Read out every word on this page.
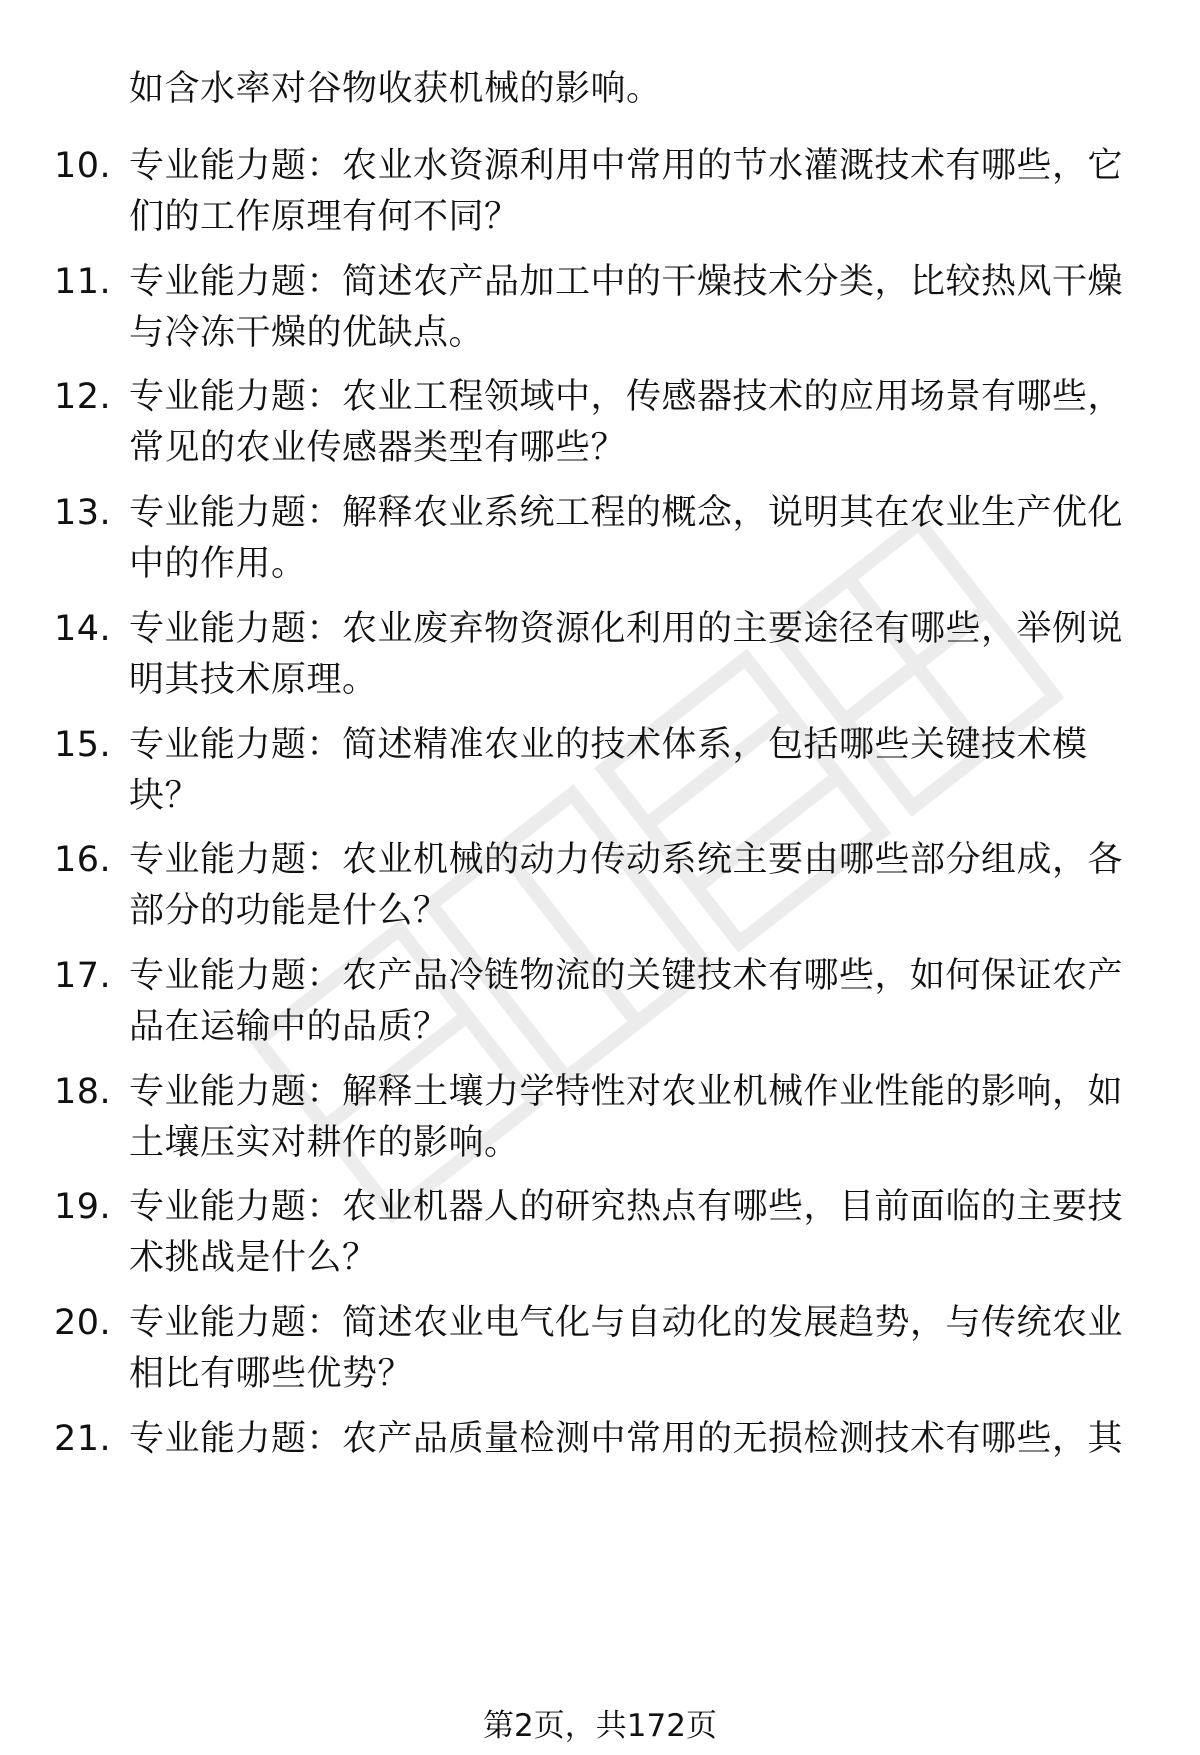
如含水率对谷物收获机械的影响。
10. 专业能力题：农业水资源利用中常用的节水灌溉技术有哪些，它
们的工作原理有何不同？
11. 专业能力题：简述农产品加工中的干燥技术分类，比较热风干燥
与冷冻干燥的优缺点。
12. 专业能力题：农业工程领域中，传感器技术的应用场景有哪些，
常见的农业传感器类型有哪些？
13. 专业能力题：解释农业系统工程的概念，说明其在农业生产优化
中的作用。
14. 专业能力题：农业废弃物资源化利用的主要途径有哪些，举例说
明其技术原理。
15. 专业能力题：简述精准农业的技术体系，包括哪些关键技术模
块？
16. 专业能力题：农业机械的动力传动系统主要由哪些部分组成，各
部分的功能是什么？
17. 专业能力题：农产品冷链物流的关键技术有哪些，如何保证农产
品在运输中的品质？
18. 专业能力题：解释土壤力学特性对农业机械作业性能的影响，如
土壤压实对耕作的影响。
19. 专业能力题：农业机器人的研究热点有哪些，目前面临的主要技
术挑战是什么？
20. 专业能力题：简述农业电气化与自动化的发展趋势，与传统农业
相比有哪些优势？
21. 专业能力题：农产品质量检测中常用的无损检测技术有哪些，其
第2页，共172页
